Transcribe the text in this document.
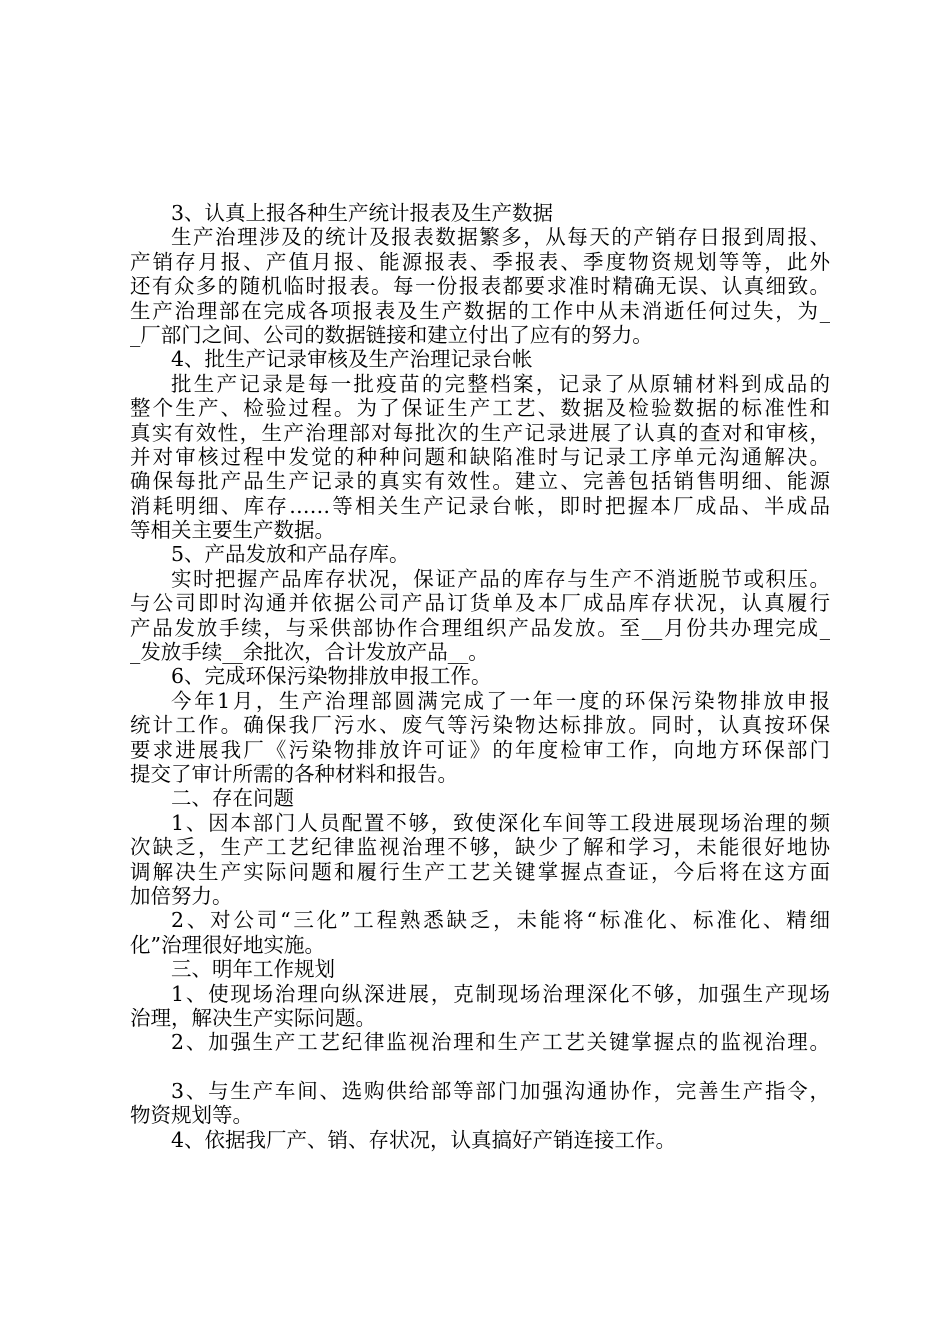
3、认真上报各种生产统计报表及生产数据
生产治理涉及的统计及报表数据繁多，从每天的产销存日报到周报、
产销存月报、产值月报、能源报表、季报表、季度物资规划等等，此外
还有众多的随机临时报表。每一份报表都要求准时精确无误、认真细致。
生产治理部在完成各项报表及生产数据的工作中从未消逝任何过失，为_
_厂部门之间、公司的数据链接和建立付出了应有的努力。
4、批生产记录审核及生产治理记录台帐
批生产记录是每一批疫苗的完整档案，记录了从原辅材料到成品的
整个生产、检验过程。为了保证生产工艺、数据及检验数据的标准性和
真实有效性，生产治理部对每批次的生产记录进展了认真的查对和审核，
并对审核过程中发觉的种种问题和缺陷准时与记录工序单元沟通解决。
确保每批产品生产记录的真实有效性。建立、完善包括销售明细、能源
消耗明细、库存……等相关生产记录台帐，即时把握本厂成品、半成品
等相关主要生产数据。
5、产品发放和产品存库。
实时把握产品库存状况，保证产品的库存与生产不消逝脱节或积压。
与公司即时沟通并依据公司产品订货单及本厂成品库存状况，认真履行
产品发放手续，与采供部协作合理组织产品发放。至__月份共办理完成_
_发放手续__余批次，合计发放产品__。
6、完成环保污染物排放申报工作。
今年1月，生产治理部圆满完成了一年一度的环保污染物排放申报
统计工作。确保我厂污水、废气等污染物达标排放。同时，认真按环保
要求进展我厂《污染物排放许可证》的年度检审工作，向地方环保部门
提交了审计所需的各种材料和报告。
二、存在问题
1、因本部门人员配置不够，致使深化车间等工段进展现场治理的频
次缺乏，生产工艺纪律监视治理不够，缺少了解和学习，未能很好地协
调解决生产实际问题和履行生产工艺关键掌握点查证，今后将在这方面
加倍努力。
2、对公司“三化”工程熟悉缺乏，未能将“标准化、标准化、精细
化”治理很好地实施。
三、明年工作规划
1、使现场治理向纵深进展，克制现场治理深化不够，加强生产现场
治理，解决生产实际问题。
2、加强生产工艺纪律监视治理和生产工艺关键掌握点的监视治理。
3、与生产车间、选购供给部等部门加强沟通协作，完善生产指令，
物资规划等。
4、依据我厂产、销、存状况，认真搞好产销连接工作。
